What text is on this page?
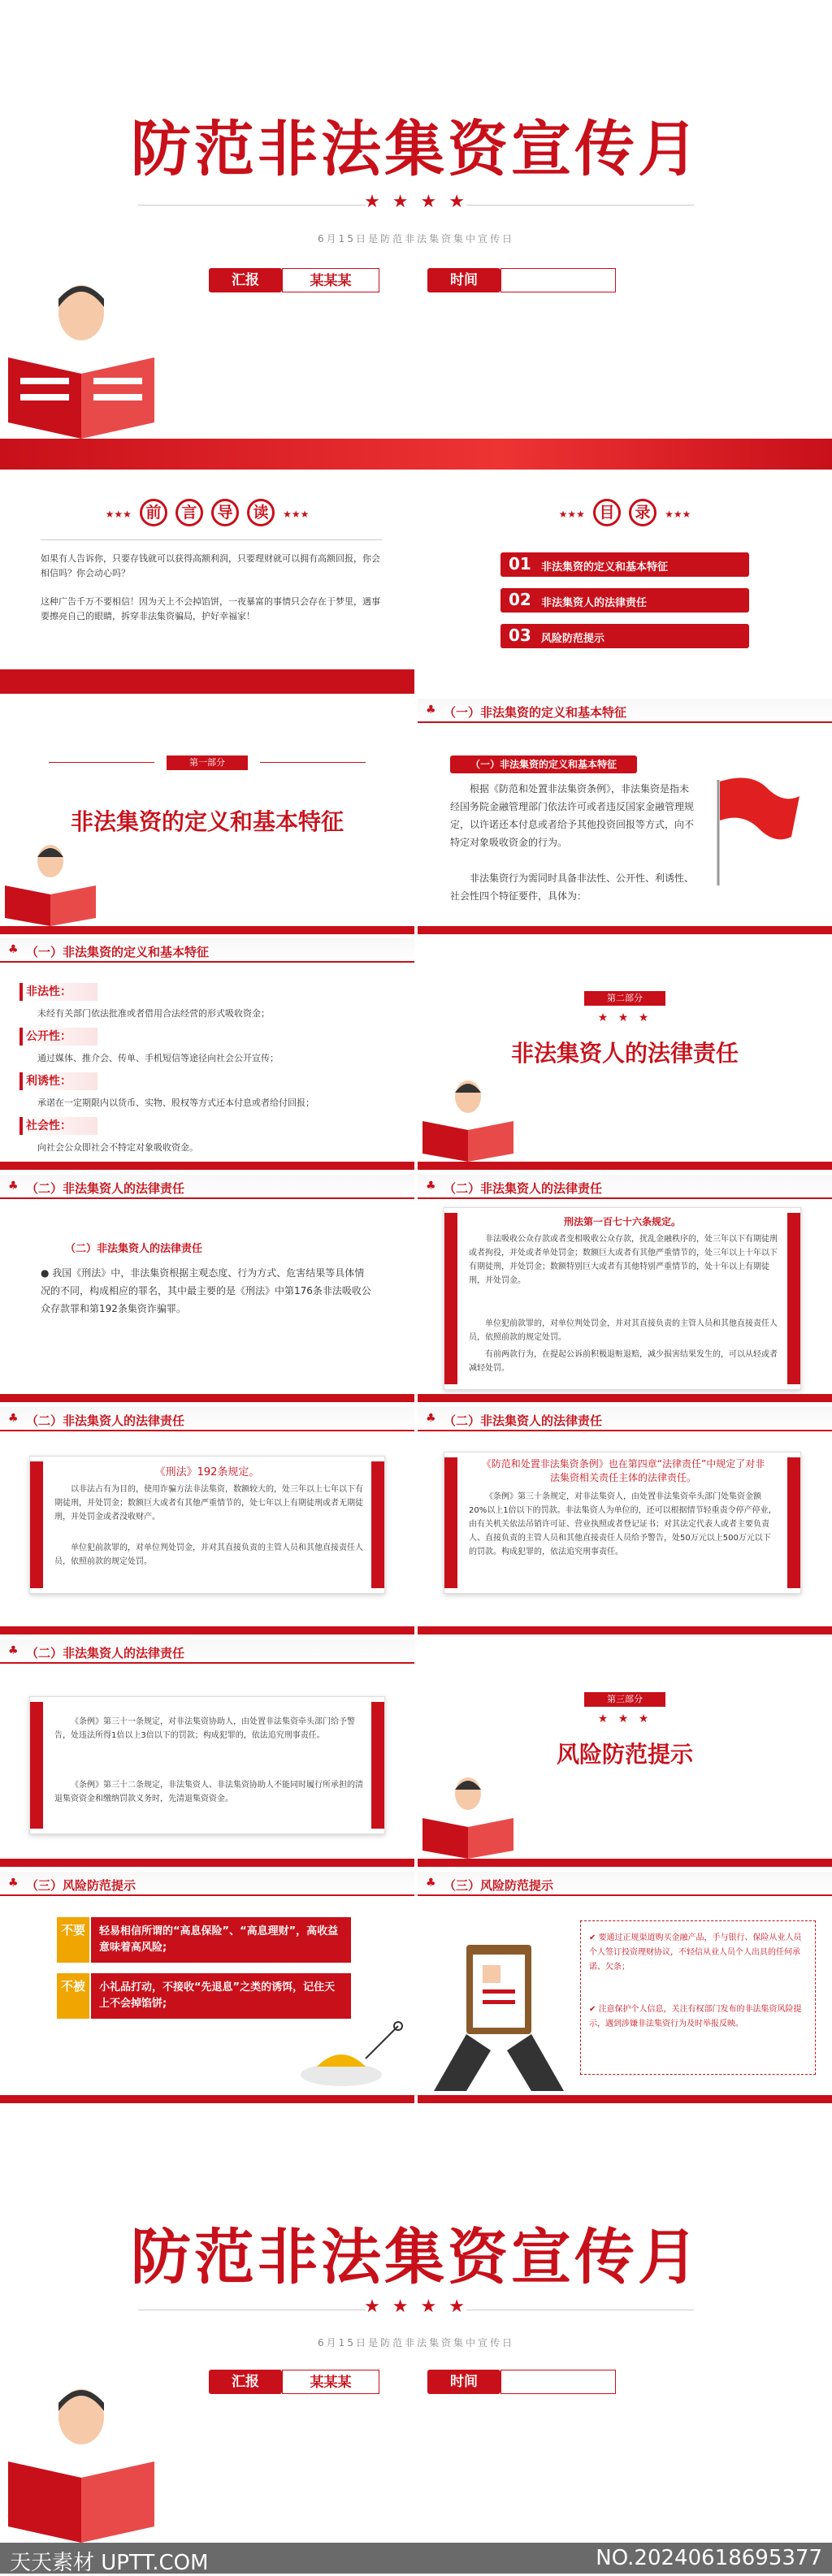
防范非法集资宣传月
★ ★ ★ ★
6月15日是防范非法集资集中宣传日
汇报	某某某	时间
★★★ 前 言 导 读 ★★★
如果有人告诉你，只要存钱就可以获得高额利润，只要理财就可以拥有高额回报，你会相信吗？你会动心吗？
这种广告千万不要相信！因为天上不会掉馅饼，一夜暴富的事情只会存在于梦里，遇事要擦亮自己的眼睛，拆穿非法集资骗局，护好幸福家！
★★★ 目 录 ★★★
01 非法集资的定义和基本特征
02 非法集资人的法律责任
03 风险防范提示
第一部分
非法集资的定义和基本特征
♣ （一）非法集资的定义和基本特征
（一）非法集资的定义和基本特征
根据《防范和处置非法集资条例》，非法集资是指未经国务院金融管理部门依法许可或者违反国家金融管理规定，以许诺还本付息或者给予其他投资回报等方式，向不特定对象吸收资金的行为。
非法集资行为需同时具备非法性、公开性、利诱性、社会性四个特征要件，具体为：
♣ （一）非法集资的定义和基本特征
非法性：
未经有关部门依法批准或者借用合法经营的形式吸收资金；
公开性：
通过媒体、推介会、传单、手机短信等途径向社会公开宣传；
利诱性：
承诺在一定期限内以货币、实物、股权等方式还本付息或者给付回报；
社会性：
向社会公众即社会不特定对象吸收资金。
第二部分
★ ★ ★
非法集资人的法律责任
♣ （二）非法集资人的法律责任
（二）非法集资人的法律责任
● 我国《刑法》中，非法集资根据主观态度、行为方式、危害结果等具体情况的不同，构成相应的罪名，其中最主要的是《刑法》中第176条非法吸收公众存款罪和第192条集资诈骗罪。
♣ （二）非法集资人的法律责任
刑法第一百七十六条规定。
非法吸收公众存款或者变相吸收公众存款，扰乱金融秩序的，处三年以下有期徒刑或者拘役，并处或者单处罚金；数额巨大或者有其他严重情节的，处三年以上十年以下有期徒刑，并处罚金；数额特别巨大或者有其他特别严重情节的，处十年以上有期徒刑，并处罚金。
单位犯前款罪的，对单位判处罚金，并对其直接负责的主管人员和其他直接责任人员，依照前款的规定处罚。
有前两款行为，在提起公诉前积极退赃退赔，减少损害结果发生的，可以从轻或者减轻处罚。
♣ （二）非法集资人的法律责任
《刑法》192条规定。
以非法占有为目的，使用诈骗方法非法集资，数额较大的，处三年以上七年以下有期徒刑，并处罚金；数额巨大或者有其他严重情节的，处七年以上有期徒刑或者无期徒刑，并处罚金或者没收财产。
单位犯前款罪的，对单位判处罚金，并对其直接负责的主管人员和其他直接责任人员，依照前款的规定处罚。
♣ （二）非法集资人的法律责任
《防范和处置非法集资条例》也在第四章“法律责任”中规定了对非法集资相关责任主体的法律责任。
《条例》第三十条规定，对非法集资人，由处置非法集资牵头部门处集资金额20%以上1倍以下的罚款。非法集资人为单位的，还可以根据情节轻重责令停产停业，由有关机关依法吊销许可证、营业执照或者登记证书；对其法定代表人或者主要负责人、直接负责的主管人员和其他直接责任人员给予警告，处50万元以上500万元以下的罚款。构成犯罪的，依法追究刑事责任。
♣ （二）非法集资人的法律责任
《条例》第三十一条规定，对非法集资协助人，由处置非法集资牵头部门给予警告，处违法所得1倍以上3倍以下的罚款；构成犯罪的，依法追究刑事责任。
《条例》第三十二条规定，非法集资人、非法集资协助人不能同时履行所承担的清退集资资金和缴纳罚款义务时，先清退集资资金。
第三部分
★ ★ ★
风险防范提示
♣ （三）风险防范提示
不要	轻易相信所谓的“高息保险”、“高息理财”，高收益意味着高风险;
不被	小礼品打动，不接收“先退息”之类的诱饵，记住天上不会掉馅饼;
♣ （三）风险防范提示
✔ 要通过正规渠道购买金融产品，手与银行、保险从业人员个人签订投资理财协议，不轻信从业人员个人出具的任何承诺、欠条；
✔ 注意保护个人信息，关注有权部门发布的非法集资风险提示，遇到涉嫌非法集资行为及时举报反映。
防范非法集资宣传月
★ ★ ★ ★
6月15日是防范非法集资集中宣传日
汇报	某某某	时间
天天素材 UPTT.COM	NO.20240618695377
